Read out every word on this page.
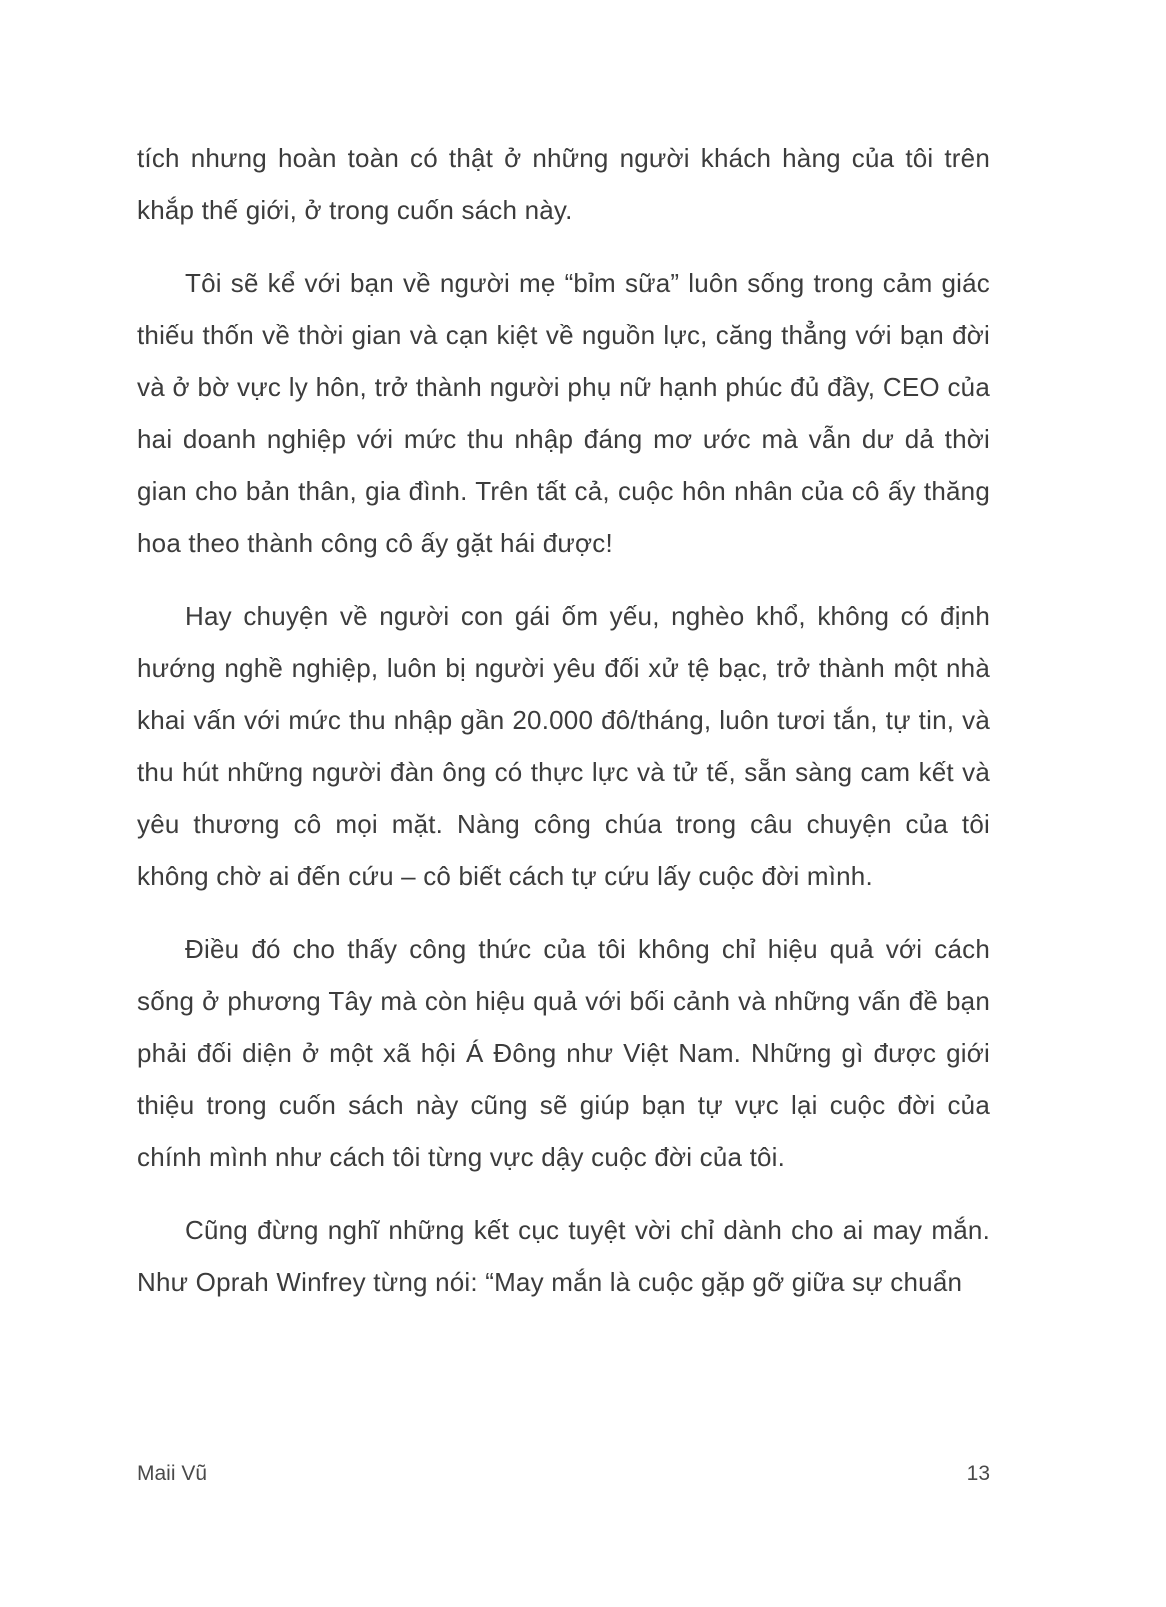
tích nhưng hoàn toàn có thật ở những người khách hàng của tôi trên khắp thế giới, ở trong cuốn sách này.

Tôi sẽ kể với bạn về người mẹ “bỉm sữa” luôn sống trong cảm giác thiếu thốn về thời gian và cạn kiệt về nguồn lực, căng thẳng với bạn đời và ở bờ vực ly hôn, trở thành người phụ nữ hạnh phúc đủ đầy, CEO của hai doanh nghiệp với mức thu nhập đáng mơ ước mà vẫn dư dả thời gian cho bản thân, gia đình. Trên tất cả, cuộc hôn nhân của cô ấy thăng hoa theo thành công cô ấy gặt hái được!

Hay chuyện về người con gái ốm yếu, nghèo khổ, không có định hướng nghề nghiệp, luôn bị người yêu đối xử tệ bạc, trở thành một nhà khai vấn với mức thu nhập gần 20.000 đô/tháng, luôn tươi tắn, tự tin, và thu hút những người đàn ông có thực lực và tử tế, sẵn sàng cam kết và yêu thương cô mọi mặt. Nàng công chúa trong câu chuyện của tôi không chờ ai đến cứu – cô biết cách tự cứu lấy cuộc đời mình.

Điều đó cho thấy công thức của tôi không chỉ hiệu quả với cách sống ở phương Tây mà còn hiệu quả với bối cảnh và những vấn đề bạn phải đối diện ở một xã hội Á Đông như Việt Nam. Những gì được giới thiệu trong cuốn sách này cũng sẽ giúp bạn tự vực lại cuộc đời của chính mình như cách tôi từng vực dậy cuộc đời của tôi.

Cũng đừng nghĩ những kết cục tuyệt vời chỉ dành cho ai may mắn. Như Oprah Winfrey từng nói: “May mắn là cuộc gặp gỡ giữa sự chuẩn

Maii Vũ	13
